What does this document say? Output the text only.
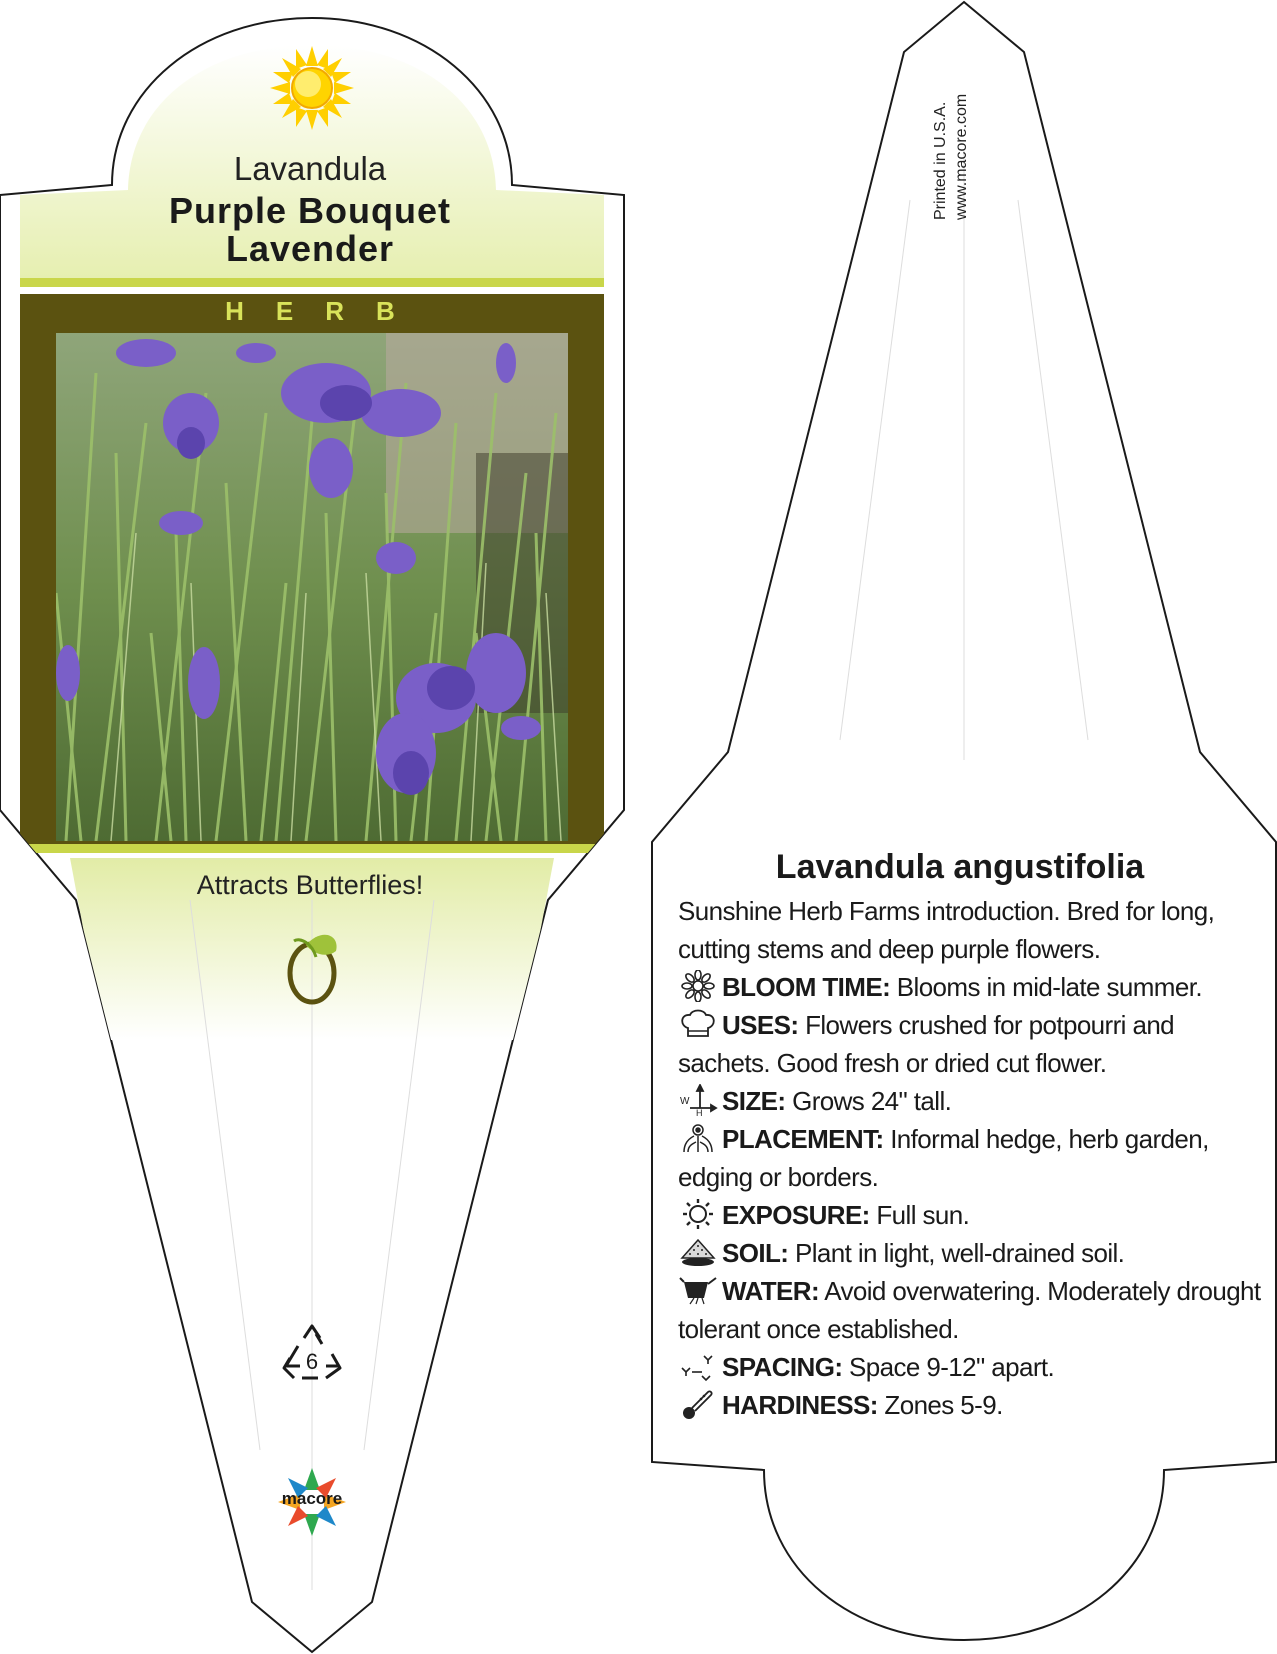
Lavandula
Purple Bouquet
Lavender
HERB
Attracts Butterflies!
6
macore
Printed in U.S.A. www.macore.com
Lavandula angustifolia

Sunshine Herb Farms introduction. Bred for long, cutting stems and deep purple flowers.

BLOOM TIME: Blooms in mid-late summer.

USES: Flowers crushed for potpourri and sachets. Good fresh or dried cut flower.

W
H SIZE: Grows 24" tall.

PLACEMENT: Informal hedge, herb garden, edging or borders.

EXPOSURE: Full sun.

SOIL: Plant in light, well-drained soil.

WATER: Avoid overwatering. Moderately drought tolerant once established.

SPACING: Space 9-12" apart.

HARDINESS: Zones 5-9.
